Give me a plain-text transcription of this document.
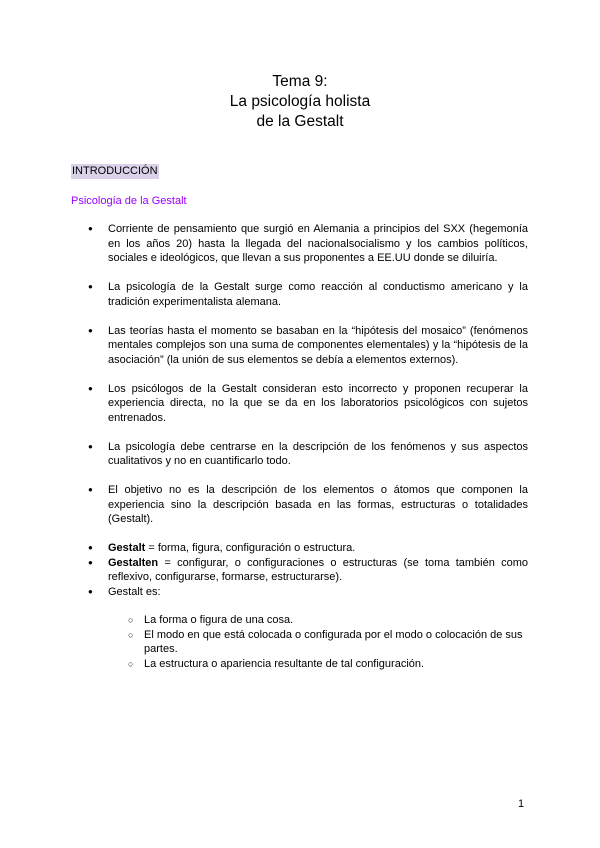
Tema 9:
La psicología holista
de la Gestalt
INTRODUCCIÓN
Psicología de la Gestalt
● Corriente de pensamiento que surgió en Alemania a principios del SXX (hegemonía en los años 20) hasta la llegada del nacionalsocialismo y los cambios políticos, sociales e ideológicos, que llevan a sus proponentes a EE.UU donde se diluiría.
● La psicología de la Gestalt surge como reacción al conductismo americano y la tradición experimentalista alemana.
● Las teorías hasta el momento se basaban en la “hipótesis del mosaico” (fenómenos mentales complejos son una suma de componentes elementales) y la “hipótesis de la asociación” (la unión de sus elementos se debía a elementos externos).
● Los psicólogos de la Gestalt consideran esto incorrecto y proponen recuperar la experiencia directa, no la que se da en los laboratorios psicológicos con sujetos entrenados.
● La psicología debe centrarse en la descripción de los fenómenos y sus aspectos cualitativos y no en cuantificarlo todo.
● El objetivo no es la descripción de los elementos o átomos que componen la experiencia sino la descripción basada en las formas, estructuras o totalidades (Gestalt).
● Gestalt = forma, figura, configuración o estructura.
● Gestalten = configurar, o configuraciones o estructuras (se toma también como reflexivo, configurarse, formarse, estructurarse).
● Gestalt es:
○ La forma o figura de una cosa.
○ El modo en que está colocada o configurada por el modo o colocación de sus partes.
○ La estructura o apariencia resultante de tal configuración.
1
